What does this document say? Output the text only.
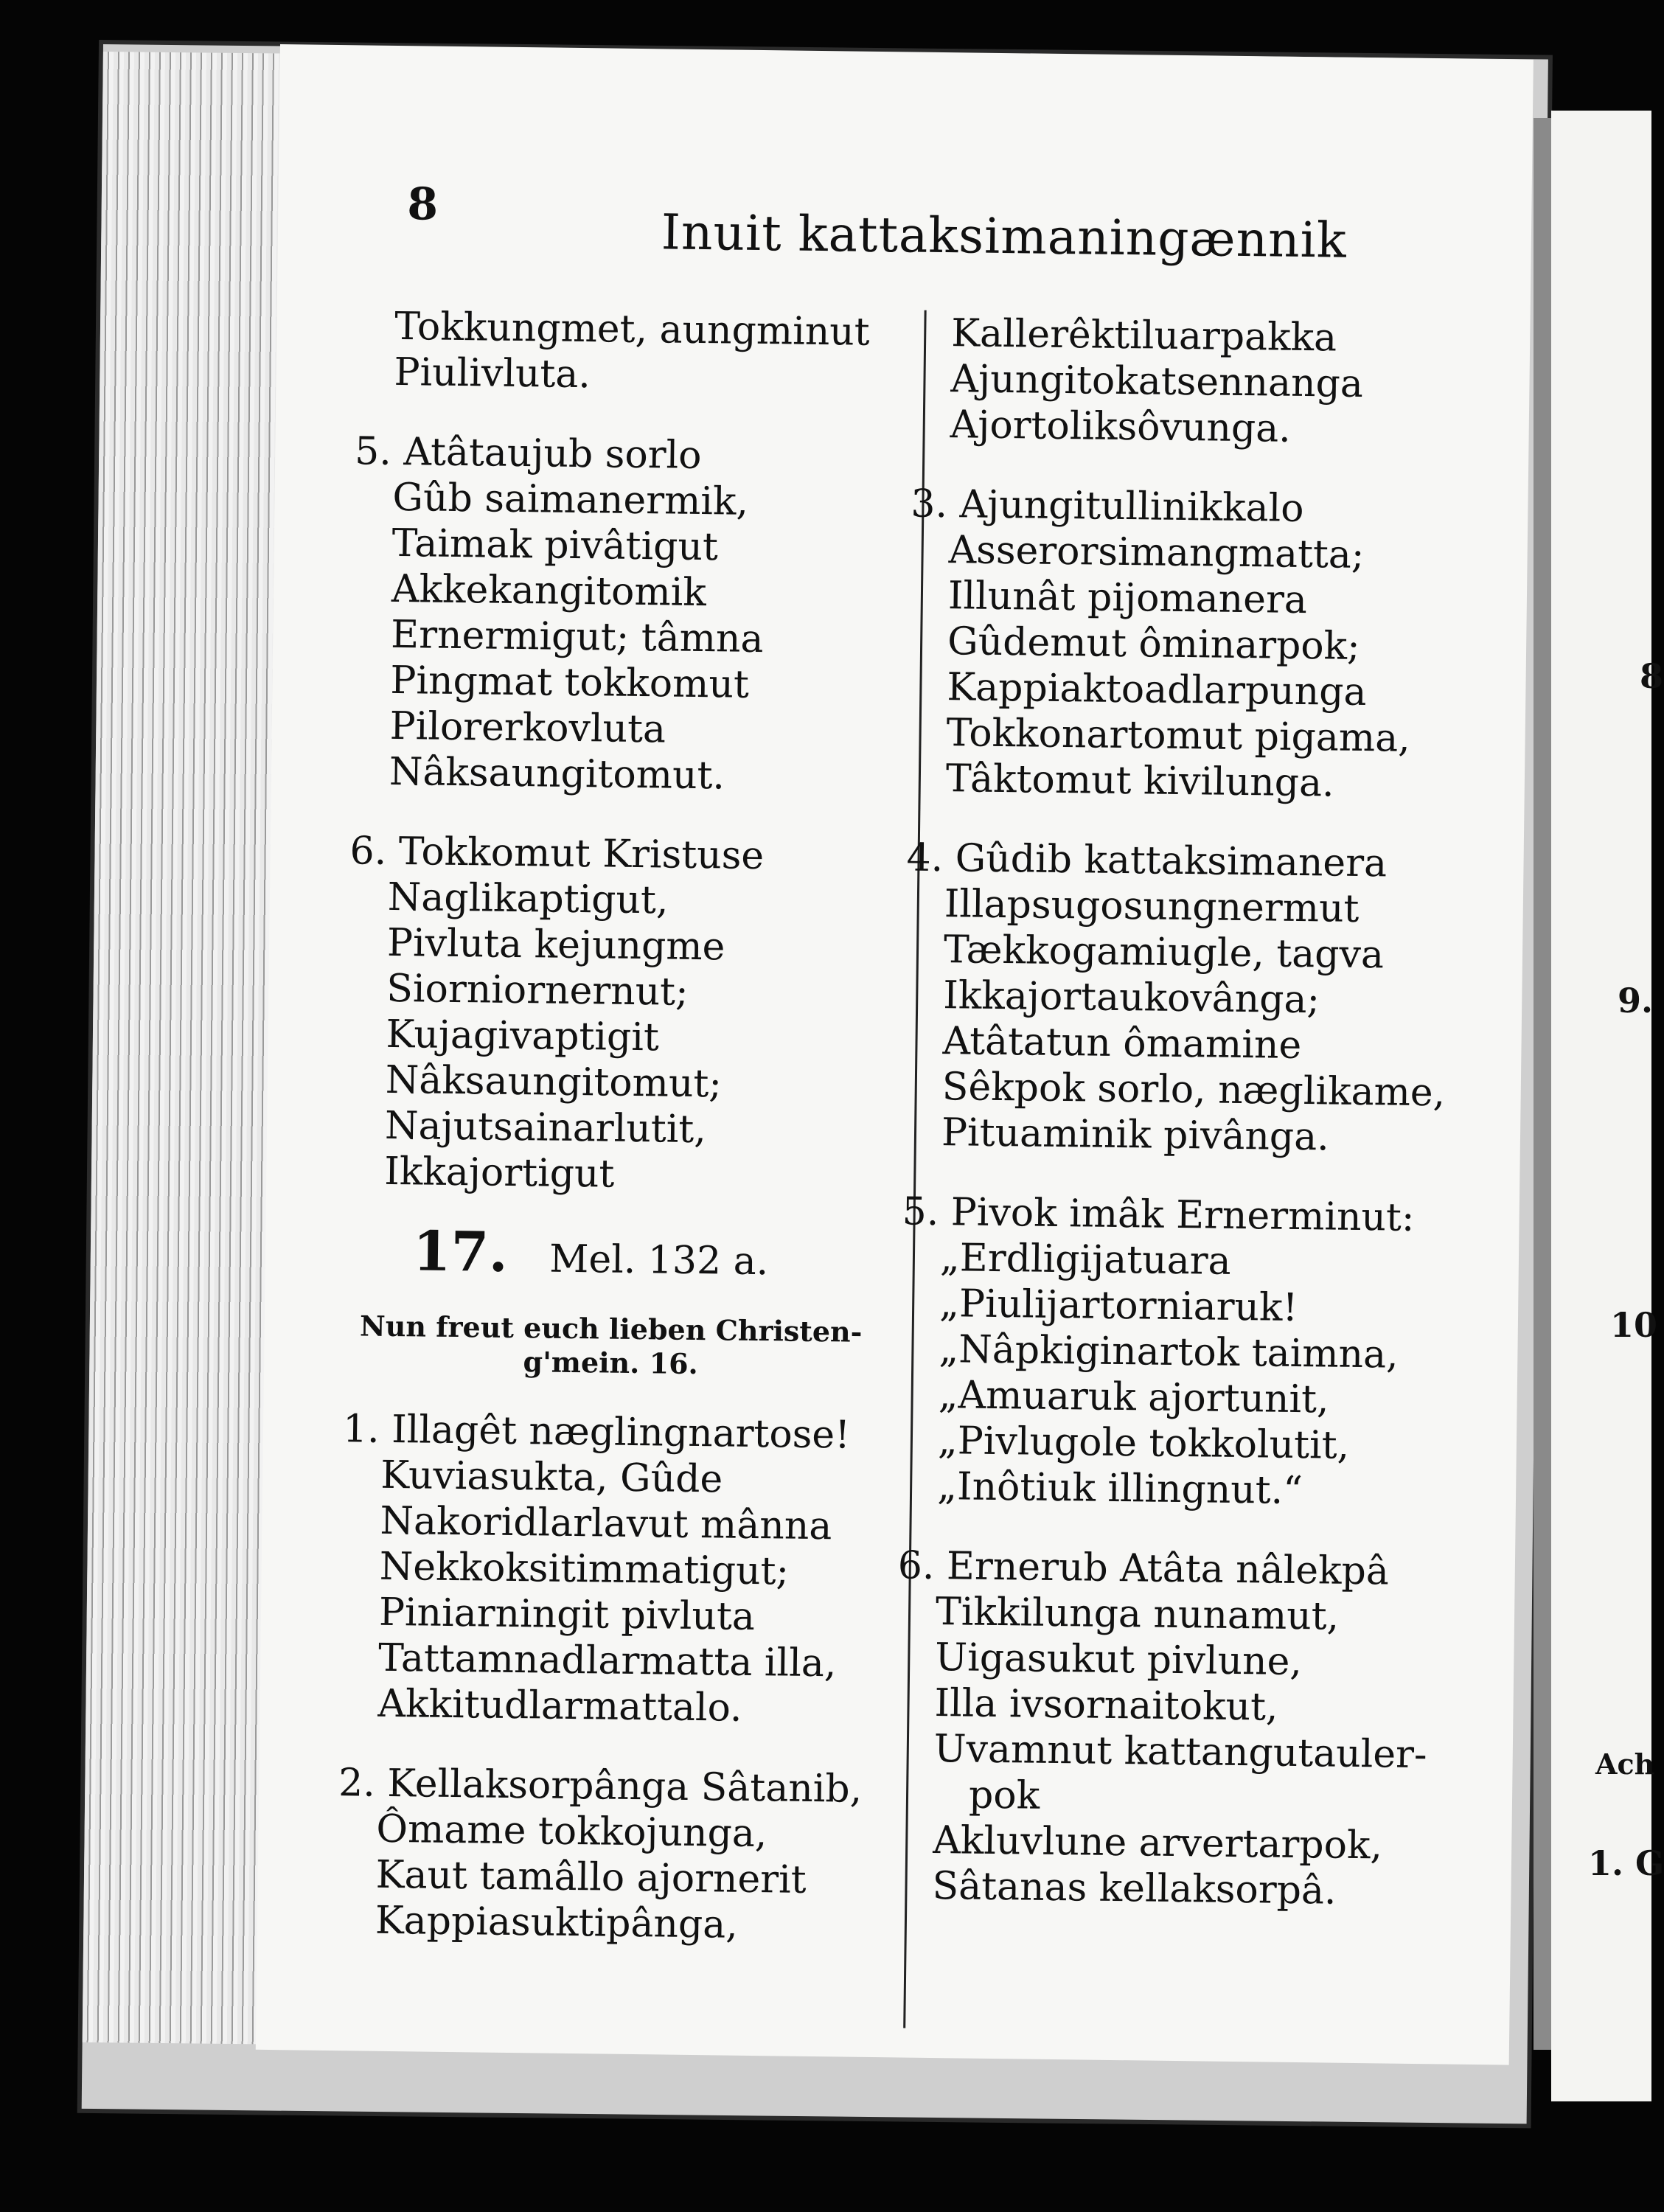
8	Inuit kattaksimaningænnik
Tokkungmet, aungminut
Piulivluta.
5. Atâtaujub sorlo
Gûb saimanermik,
Taimak pivâtigut
Akkekangitomik
Ernermigut; tâmna
Pingmat tokkomut
Pilorerkovluta
Nâksaungitomut.
6. Tokkomut Kristuse
Naglikaptigut,
Pivluta kejungme
Siorniornernut;
Kujagivaptigit
Nâksaungitomut;
Najutsainarlutit,
Ikkajortigut
17. Mel. 132 a.
Nun freut euch lieben Christen-
g'mein. 16.
1. Illagêt næglingnartose!
Kuviasukta, Gûde
Nakoridlarlavut mânna
Nekkoksitimmatigut;
Piniarningit pivluta
Tattamnadlarmatta illa,
Akkitudlarmattalo.
2. Kellaksorpânga Sâtanib,
Ômame tokkojunga,
Kaut tamâllo ajornerit
Kappiasuktipânga,
Kallerêktiluarpakka
Ajungitokatsennanga
Ajortoliksôvunga.
3. Ajungitullinikkalo
Asserorsimangmatta;
Illunât pijomanera
Gûdemut ôminarpok;
Kappiaktoadlarpunga
Tokkonartomut pigama,
Tâktomut kivilunga.
4. Gûdib kattaksimanera
Illapsugosungnermut
Tækkogamiugle, tagva
Ikkajortaukovânga;
Atâtatun ômamine
Sêkpok sorlo, næglikame,
Pituaminik pivânga.
5. Pivok imâk Ernerminut:
„Erdligijatuara
„Piulijartorniaruk!
„Nâpkiginartok taimna,
„Amuaruk ajortunit,
„Pivlugole tokkolutit,
„Inôtiuk illingnut.“
6. Ernerub Atâta nâlekpâ
Tikkilunga nunamut,
Uigasukut pivlune,
Illa ivsornaitokut,
Uvamnut kattangutauler-
pok
Akluvlune arvertarpok,
Sâtanas kellaksorpâ.
8
9.
10
Ach
1. G
